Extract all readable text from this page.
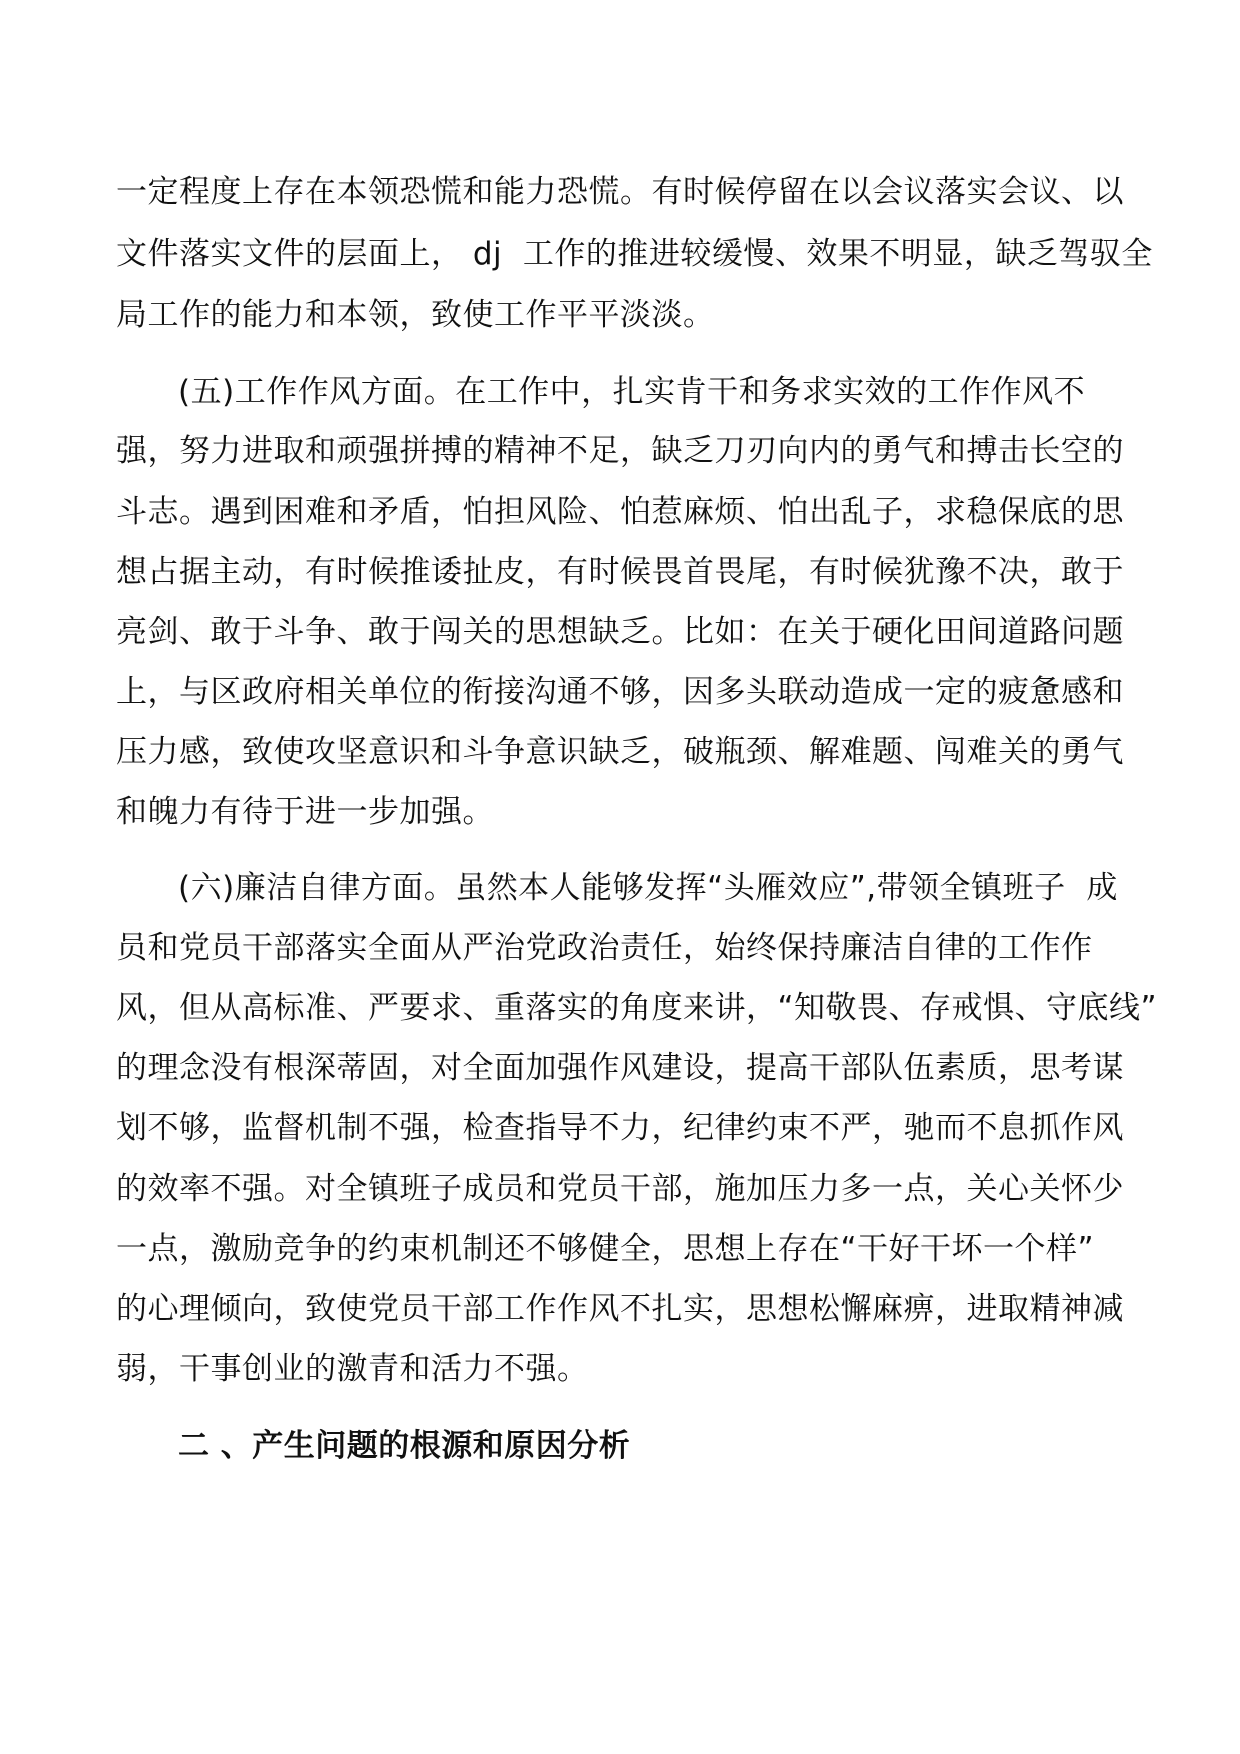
一定程度上存在本领恐慌和能力恐慌。有时候停留在以会议落实会议、以
文件落实文件的层面上， dj  工作的推进较缓慢、效果不明显，缺乏驾驭全
局工作的能力和本领，致使工作平平淡淡。
(五)工作作风方面。在工作中，扎实肯干和务求实效的工作作风不
强，努力进取和顽强拼搏的精神不足，缺乏刀刃向内的勇气和搏击长空的
斗志。遇到困难和矛盾，怕担风险、怕惹麻烦、怕出乱子，求稳保底的思
想占据主动，有时候推诿扯皮，有时候畏首畏尾，有时候犹豫不决，敢于
亮剑、敢于斗争、敢于闯关的思想缺乏。比如：在关于硬化田间道路问题
上，与区政府相关单位的衔接沟通不够，因多头联动造成一定的疲惫感和
压力感，致使攻坚意识和斗争意识缺乏，破瓶颈、解难题、闯难关的勇气
和魄力有待于进一步加强。
(六)廉洁自律方面。虽然本人能够发挥“头雁效应”,带领全镇班子  成
员和党员干部落实全面从严治党政治责任，始终保持廉洁自律的工作作
风，但从高标准、严要求、重落实的角度来讲，“知敬畏、存戒惧、守底线”
的理念没有根深蒂固，对全面加强作风建设，提高干部队伍素质，思考谋
划不够，监督机制不强，检查指导不力，纪律约束不严，驰而不息抓作风
的效率不强。对全镇班子成员和党员干部，施加压力多一点，关心关怀少
一点，激励竞争的约束机制还不够健全，思想上存在“干好干坏一个样”
的心理倾向，致使党员干部工作作风不扎实，思想松懈麻痹，进取精神减
弱，干事创业的激青和活力不强。
二 、产生问题的根源和原因分析
